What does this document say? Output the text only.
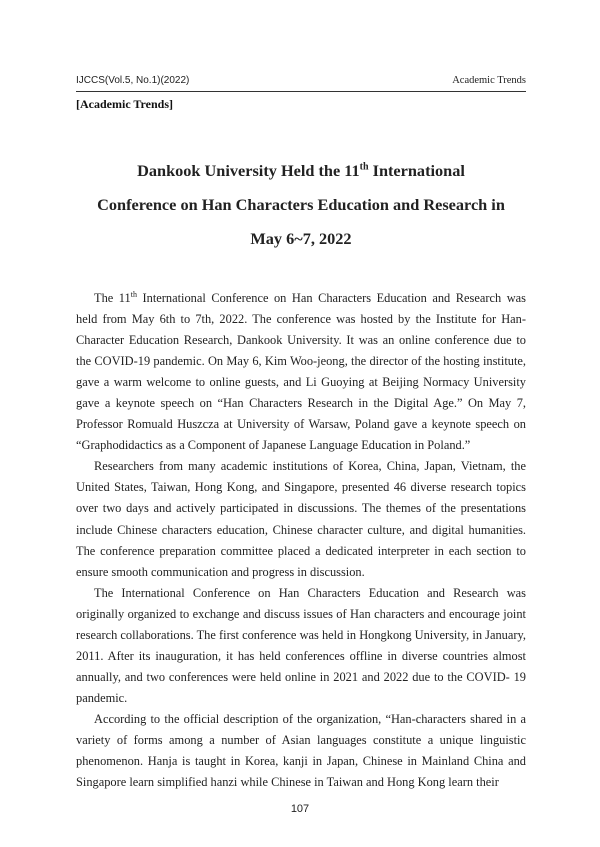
IJCCS(Vol.5, No.1)(2022)	Academic Trends
[Academic Trends]
Dankook University Held the 11th International
Conference on Han Characters Education and Research in
May 6~7, 2022

The 11th International Conference on Han Characters Education and Research was held from May 6th to 7th, 2022. The conference was hosted by the Institute for Han-Character Education Research, Dankook University. It was an online conference due to the COVID-19 pandemic. On May 6, Kim Woo-jeong, the director of the hosting institute, gave a warm welcome to online guests, and Li Guoying at Beijing Normacy University gave a keynote speech on “Han Characters Research in the Digital Age.” On May 7, Professor Romuald Huszcza at University of Warsaw, Poland gave a keynote speech on “Graphodidactics as a Component of Japanese Language Education in Poland.”

Researchers from many academic institutions of Korea, China, Japan, Vietnam, the United States, Taiwan, Hong Kong, and Singapore, presented 46 diverse research topics over two days and actively participated in discussions. The themes of the presentations include Chinese characters education, Chinese character culture, and digital humanities. The conference preparation committee placed a dedicated interpreter in each section to ensure smooth communication and progress in discussion.

The International Conference on Han Characters Education and Research was originally organized to exchange and discuss issues of Han characters and encourage joint research collaborations. The first conference was held in Hongkong University, in January, 2011. After its inauguration, it has held conferences offline in diverse countries almost annually, and two conferences were held online in 2021 and 2022 due to the COVID- 19 pandemic.

According to the official description of the organization, “Han-characters shared in a variety of forms among a number of Asian languages constitute a unique linguistic phenomenon. Hanja is taught in Korea, kanji in Japan, Chinese in Mainland China and Singapore learn simplified hanzi while Chinese in Taiwan and Hong Kong learn their

107
